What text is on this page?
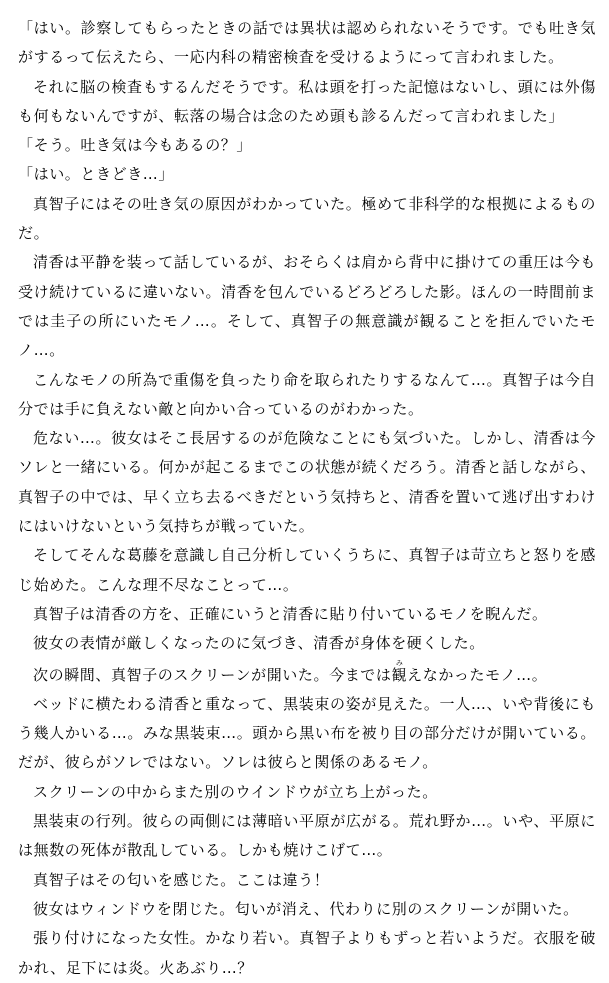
「はい。診察してもらったときの話では異状は認められないそうです。でも吐き気がするって伝えたら、一応内科の精密検査を受けるようにって言われました。

それに脳の検査もするんだそうです。私は頭を打った記憶はないし、頭には外傷も何もないんですが、転落の場合は念のため頭も診るんだって言われました」

「そう。吐き気は今もあるの？」

「はい。ときどき…」

真智子にはその吐き気の原因がわかっていた。極めて非科学的な根拠によるものだ。

清香は平静を装って話しているが、おそらくは肩から背中に掛けての重圧は今も受け続けているに違いない。清香を包んでいるどろどろした影。ほんの一時間前までは圭子の所にいたモノ…。そして、真智子の無意識が観ることを拒んでいたモノ…。

こんなモノの所為で重傷を負ったり命を取られたりするなんて…。真智子は今自分では手に負えない敵と向かい合っているのがわかった。

危ない…。彼女はそこ長居するのが危険なことにも気づいた。しかし、清香は今ソレと一緒にいる。何かが起こるまでこの状態が続くだろう。清香と話しながら、真智子の中では、早く立ち去るべきだという気持ちと、清香を置いて逃げ出すわけにはいけないという気持ちが戦っていた。

そしてそんな葛藤を意識し自己分析していくうちに、真智子は苛立ちと怒りを感じ始めた。こんな理不尽なことって…。

真智子は清香の方を、正確にいうと清香に貼り付いているモノを睨んだ。

彼女の表情が厳しくなったのに気づき、清香が身体を硬くした。

次の瞬間、真智子のスクリーンが開いた。今までは観みえなかったモノ…。

ベッドに横たわる清香と重なって、黒装束の姿が見えた。一人…、いや背後にもう幾人かいる…。みな黒装束…。頭から黒い布を被り目の部分だけが開いている。だが、彼らがソレではない。ソレは彼らと関係のあるモノ。

スクリーンの中からまた別のウインドウが立ち上がった。

黒装束の行列。彼らの両側には薄暗い平原が広がる。荒れ野か…。いや、平原には無数の死体が散乱している。しかも焼けこげて…。

真智子はその匂いを感じた。ここは違う！

彼女はウィンドウを閉じた。匂いが消え、代わりに別のスクリーンが開いた。

張り付けになった女性。かなり若い。真智子よりもずっと若いようだ。衣服を破かれ、足下には炎。火あぶり…？
